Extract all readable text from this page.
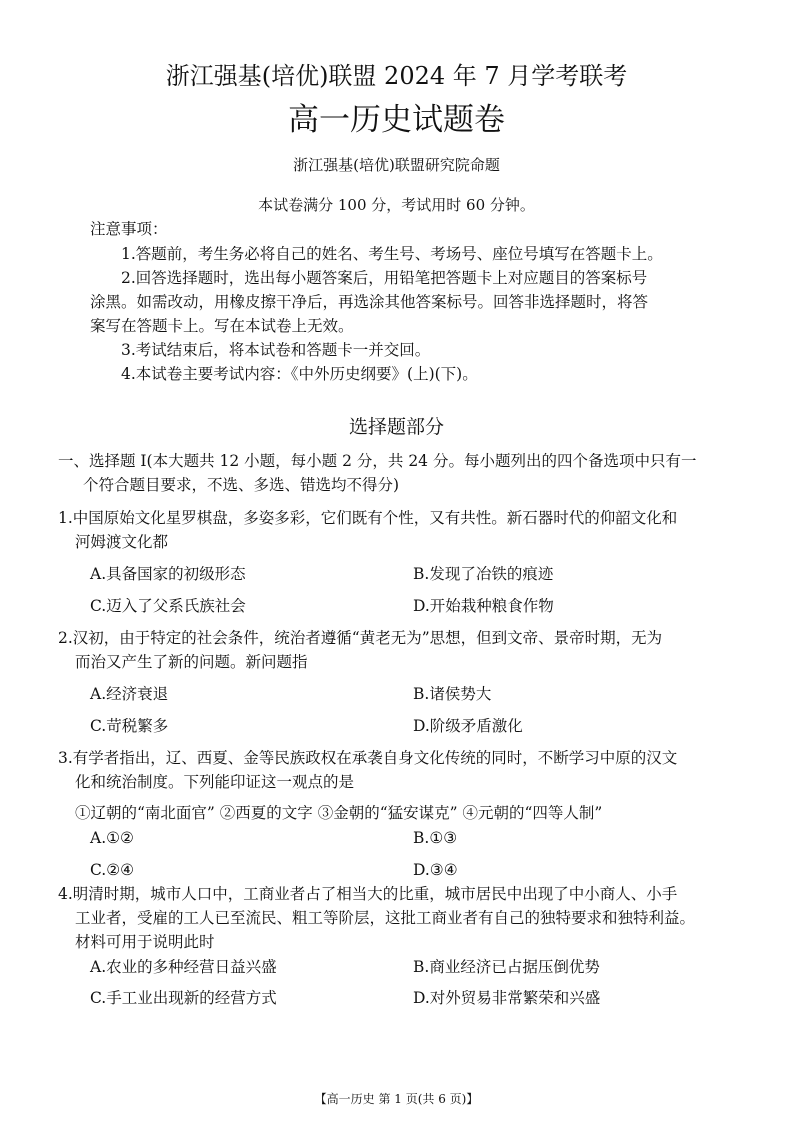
浙江强基(培优)联盟 2024 年 7 月学考联考
高一历史试题卷
浙江强基(培优)联盟研究院命题
本试卷满分 100 分，考试用时 60 分钟。
注意事项：
1.答题前，考生务必将自己的姓名、考生号、考场号、座位号填写在答题卡上。
2.回答选择题时，选出每小题答案后，用铅笔把答题卡上对应题目的答案标号
涂黑。如需改动，用橡皮擦干净后，再选涂其他答案标号。回答非选择题时，将答
案写在答题卡上。写在本试卷上无效。
3.考试结束后，将本试卷和答题卡一并交回。
4.本试卷主要考试内容：《中外历史纲要》(上)(下)。
选择题部分
一、选择题 I(本大题共 12 小题，每小题 2 分，共 24 分。每小题列出的四个备选项中只有一
个符合题目要求，不选、多选、错选均不得分)
1.中国原始文化星罗棋盘，多姿多彩，它们既有个性，又有共性。新石器时代的仰韶文化和
河姆渡文化都
A.具备国家的初级形态	B.发现了冶铁的痕迹
C.迈入了父系氏族社会	D.开始栽种粮食作物
2.汉初，由于特定的社会条件，统治者遵循“黄老无为”思想，但到文帝、景帝时期，无为
而治又产生了新的问题。新问题指
A.经济衰退	B.诸侯势大
C.苛税繁多	D.阶级矛盾激化
3.有学者指出，辽、西夏、金等民族政权在承袭自身文化传统的同时，不断学习中原的汉文
化和统治制度。下列能印证这一观点的是
①辽朝的“南北面官” ②西夏的文字 ③金朝的“猛安谋克” ④元朝的“四等人制”
A.①②	B.①③
C.②④	D.③④
4.明清时期，城市人口中，工商业者占了相当大的比重，城市居民中出现了中小商人、小手
工业者，受雇的工人已至流民、粗工等阶层，这批工商业者有自己的独特要求和独特利益。
材料可用于说明此时
A.农业的多种经营日益兴盛	B.商业经济已占据压倒优势
C.手工业出现新的经营方式	D.对外贸易非常繁荣和兴盛
【高一历史 第 1 页(共 6 页)】
